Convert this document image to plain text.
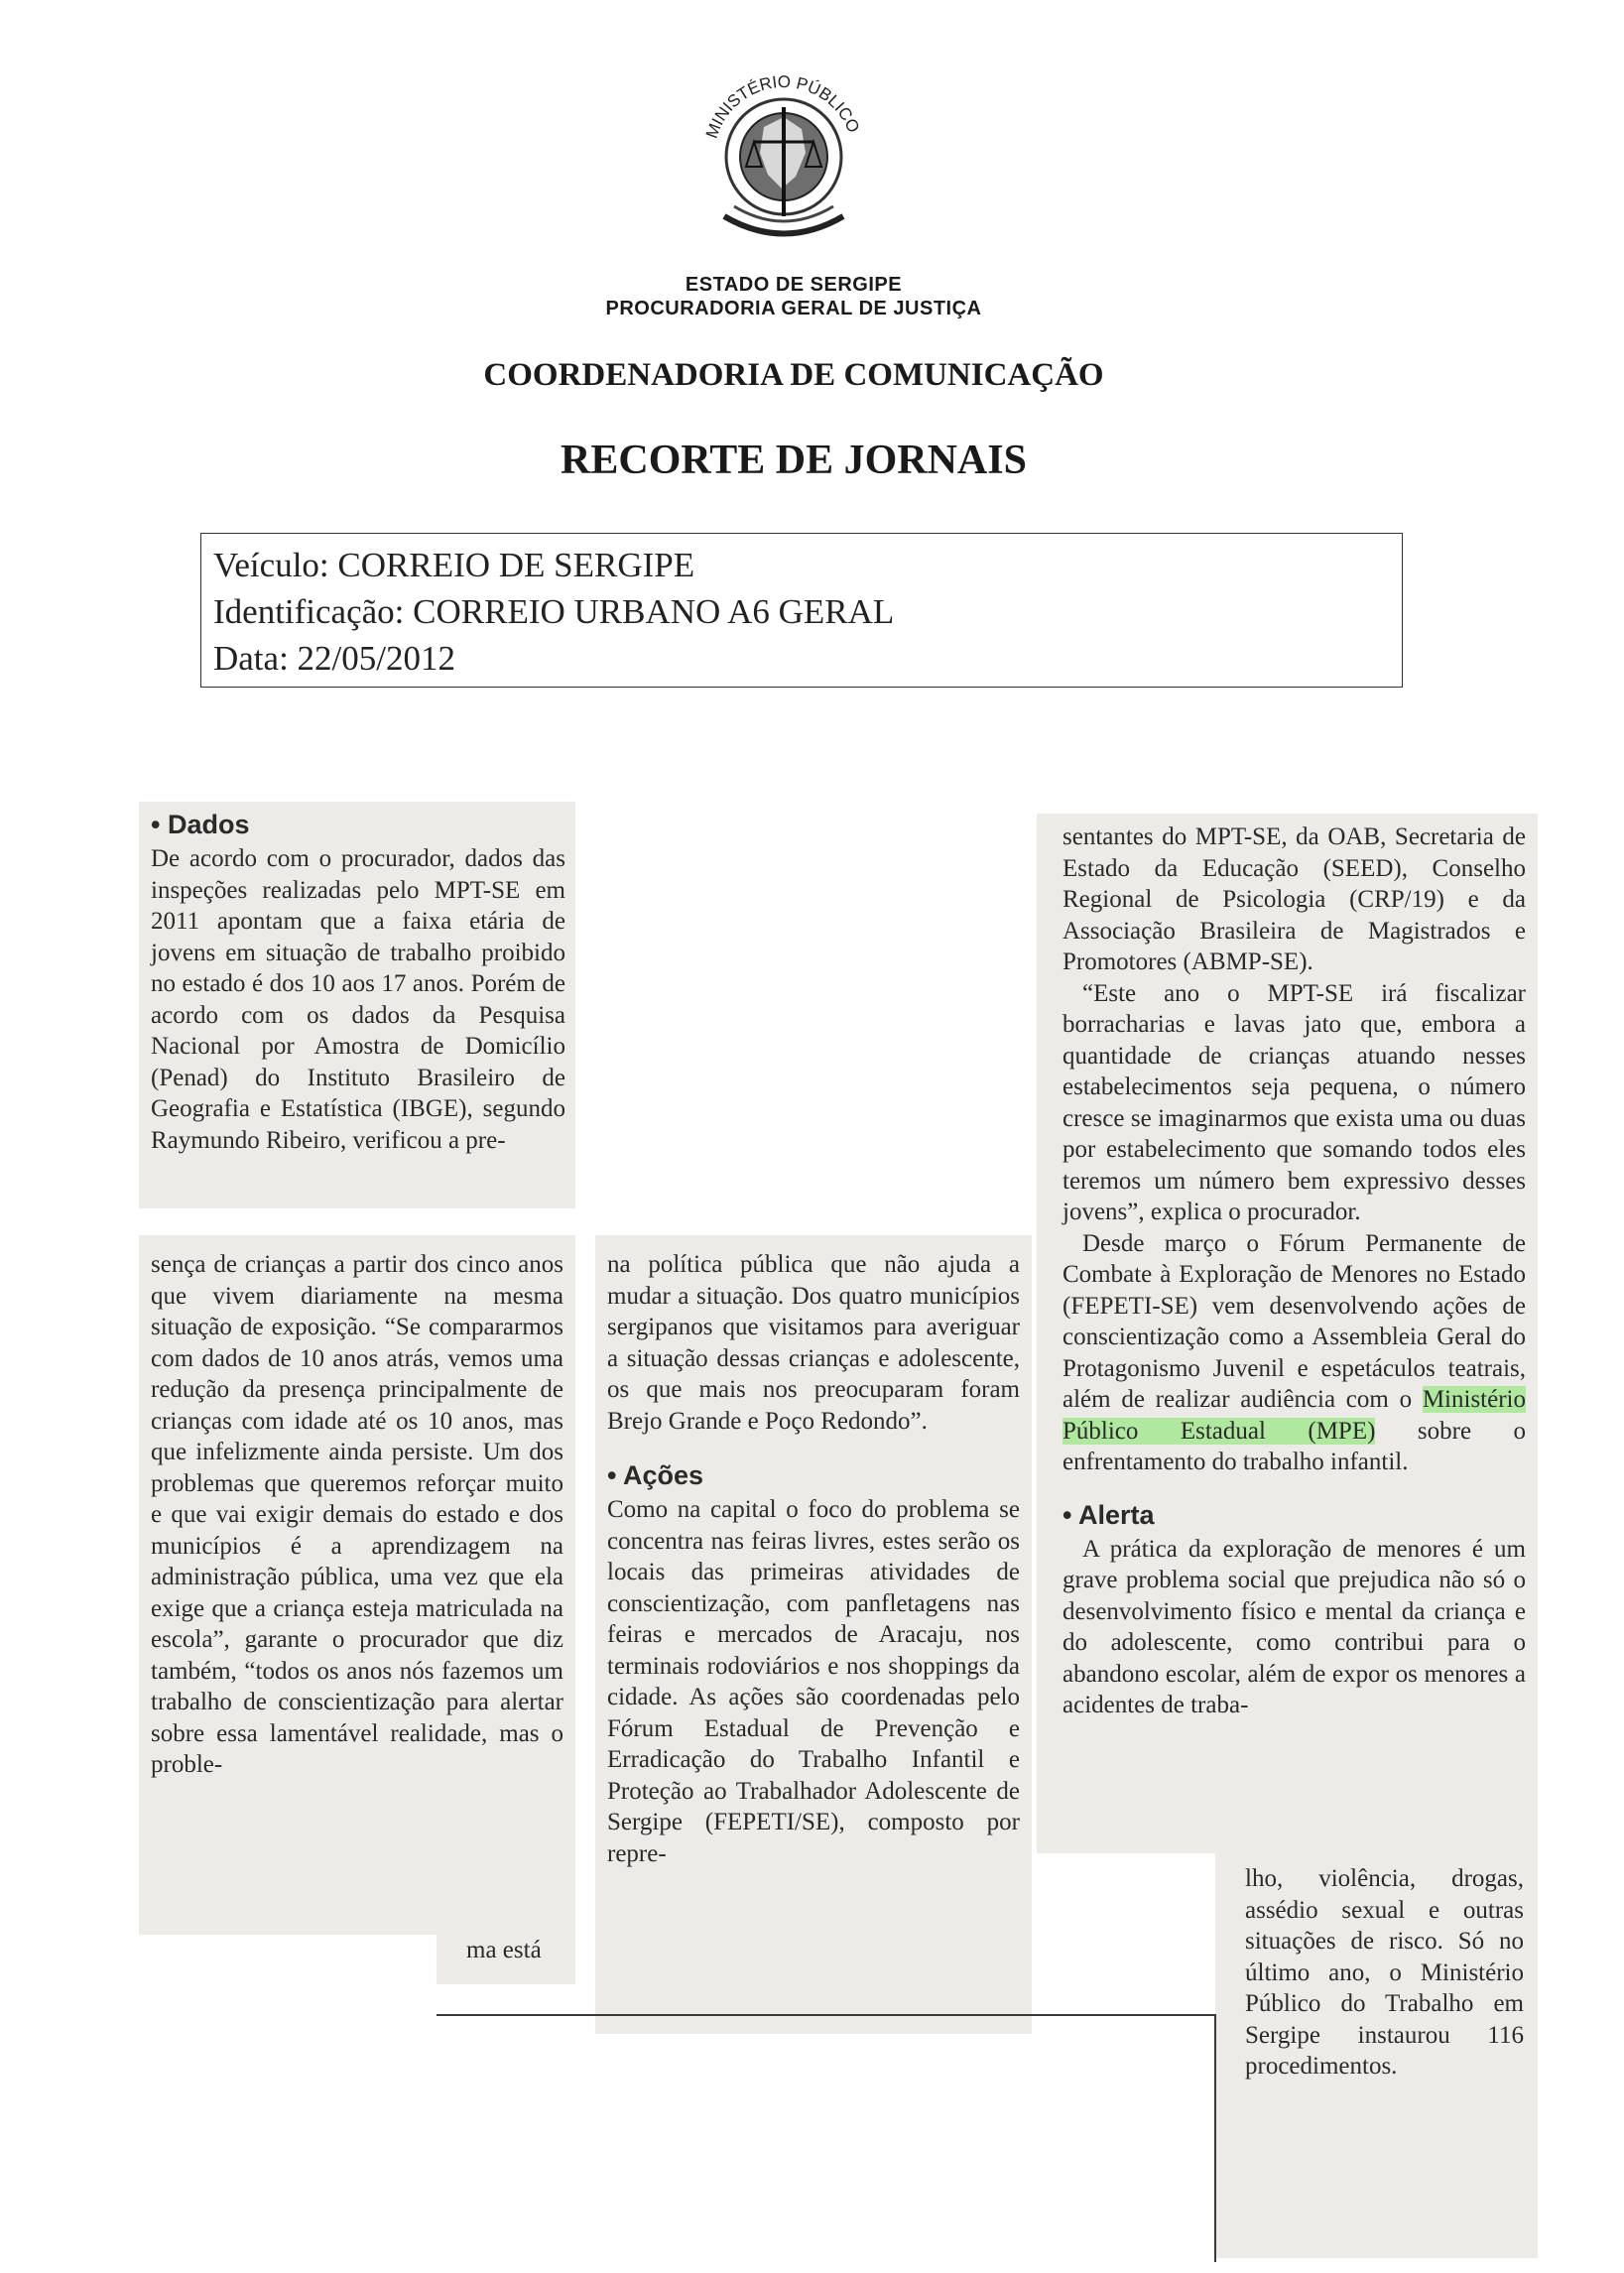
MINISTÉRIO PÚBLICO
ESTADO DE SERGIPE
PROCURADORIA GERAL DE JUSTIÇA
COORDENADORIA DE COMUNICAÇÃO
RECORTE DE JORNAIS
Veículo: CORREIO DE SERGIPE
Identificação: CORREIO URBANO A6 GERAL
Data: 22/05/2012
• Dados

De acordo com o procurador, dados das inspeções realizadas pelo MPT-SE em 2011 apontam que a faixa etária de jovens em situação de trabalho proibido no estado é dos 10 aos 17 anos. Porém de acordo com os dados da Pesquisa Nacional por Amostra de Domicílio (Penad) do Instituto Brasileiro de Geografia e Estatística (IBGE), segundo Raymundo Ribeiro, verificou a pre-

sença de crianças a partir dos cinco anos que vivem diariamente na mesma situação de exposição. “Se compararmos com dados de 10 anos atrás, vemos uma redução da presença principalmente de crianças com idade até os 10 anos, mas que infelizmente ainda persiste. Um dos problemas que queremos reforçar muito e que vai exigir demais do estado e dos municípios é a aprendizagem na administração pública, uma vez que ela exige que a criança esteja matriculada na escola”, garante o procurador que diz também, “todos os anos nós fazemos um trabalho de conscientização para alertar sobre essa lamentável realidade, mas o proble-

ma está

na política pública que não ajuda a mudar a situação. Dos quatro municípios sergipanos que visitamos para averiguar a situação dessas crianças e adolescente, os que mais nos preocuparam foram Brejo Grande e Poço Redondo”.

• Ações

Como na capital o foco do problema se concentra nas feiras livres, estes serão os locais das primeiras atividades de conscientização, com panfletagens nas feiras e mercados de Aracaju, nos terminais rodoviários e nos shoppings da cidade. As ações são coordenadas pelo Fórum Estadual de Prevenção e Erradicação do Trabalho Infantil e Proteção ao Trabalhador Adolescente de Sergipe (FEPETI/SE), composto por repre-

sentantes do MPT-SE, da OAB, Secretaria de Estado da Educação (SEED), Conselho Regional de Psicologia (CRP/19) e da Associação Brasileira de Magistrados e Promotores (ABMP-SE).

“Este ano o MPT-SE irá fiscalizar borracharias e lavas jato que, embora a quantidade de crianças atuando nesses estabelecimentos seja pequena, o número cresce se imaginarmos que exista uma ou duas por estabelecimento que somando todos eles teremos um número bem expressivo desses jovens”, explica o procurador.

Desde março o Fórum Permanente de Combate à Exploração de Menores no Estado (FEPETI-SE) vem desenvolvendo ações de conscientização como a Assembleia Geral do Protagonismo Juvenil e espetáculos teatrais, além de realizar audiência com o Ministério Público Estadual (MPE) sobre o enfrentamento do trabalho infantil.

• Alerta

A prática da exploração de menores é um grave problema social que prejudica não só o desenvolvimento físico e mental da criança e do adolescente, como contribui para o abandono escolar, além de expor os menores a acidentes de traba-

lho, violência, drogas, assédio sexual e outras situações de risco. Só no último ano, o Ministério Público do Trabalho em Sergipe instaurou 116 procedimentos.
